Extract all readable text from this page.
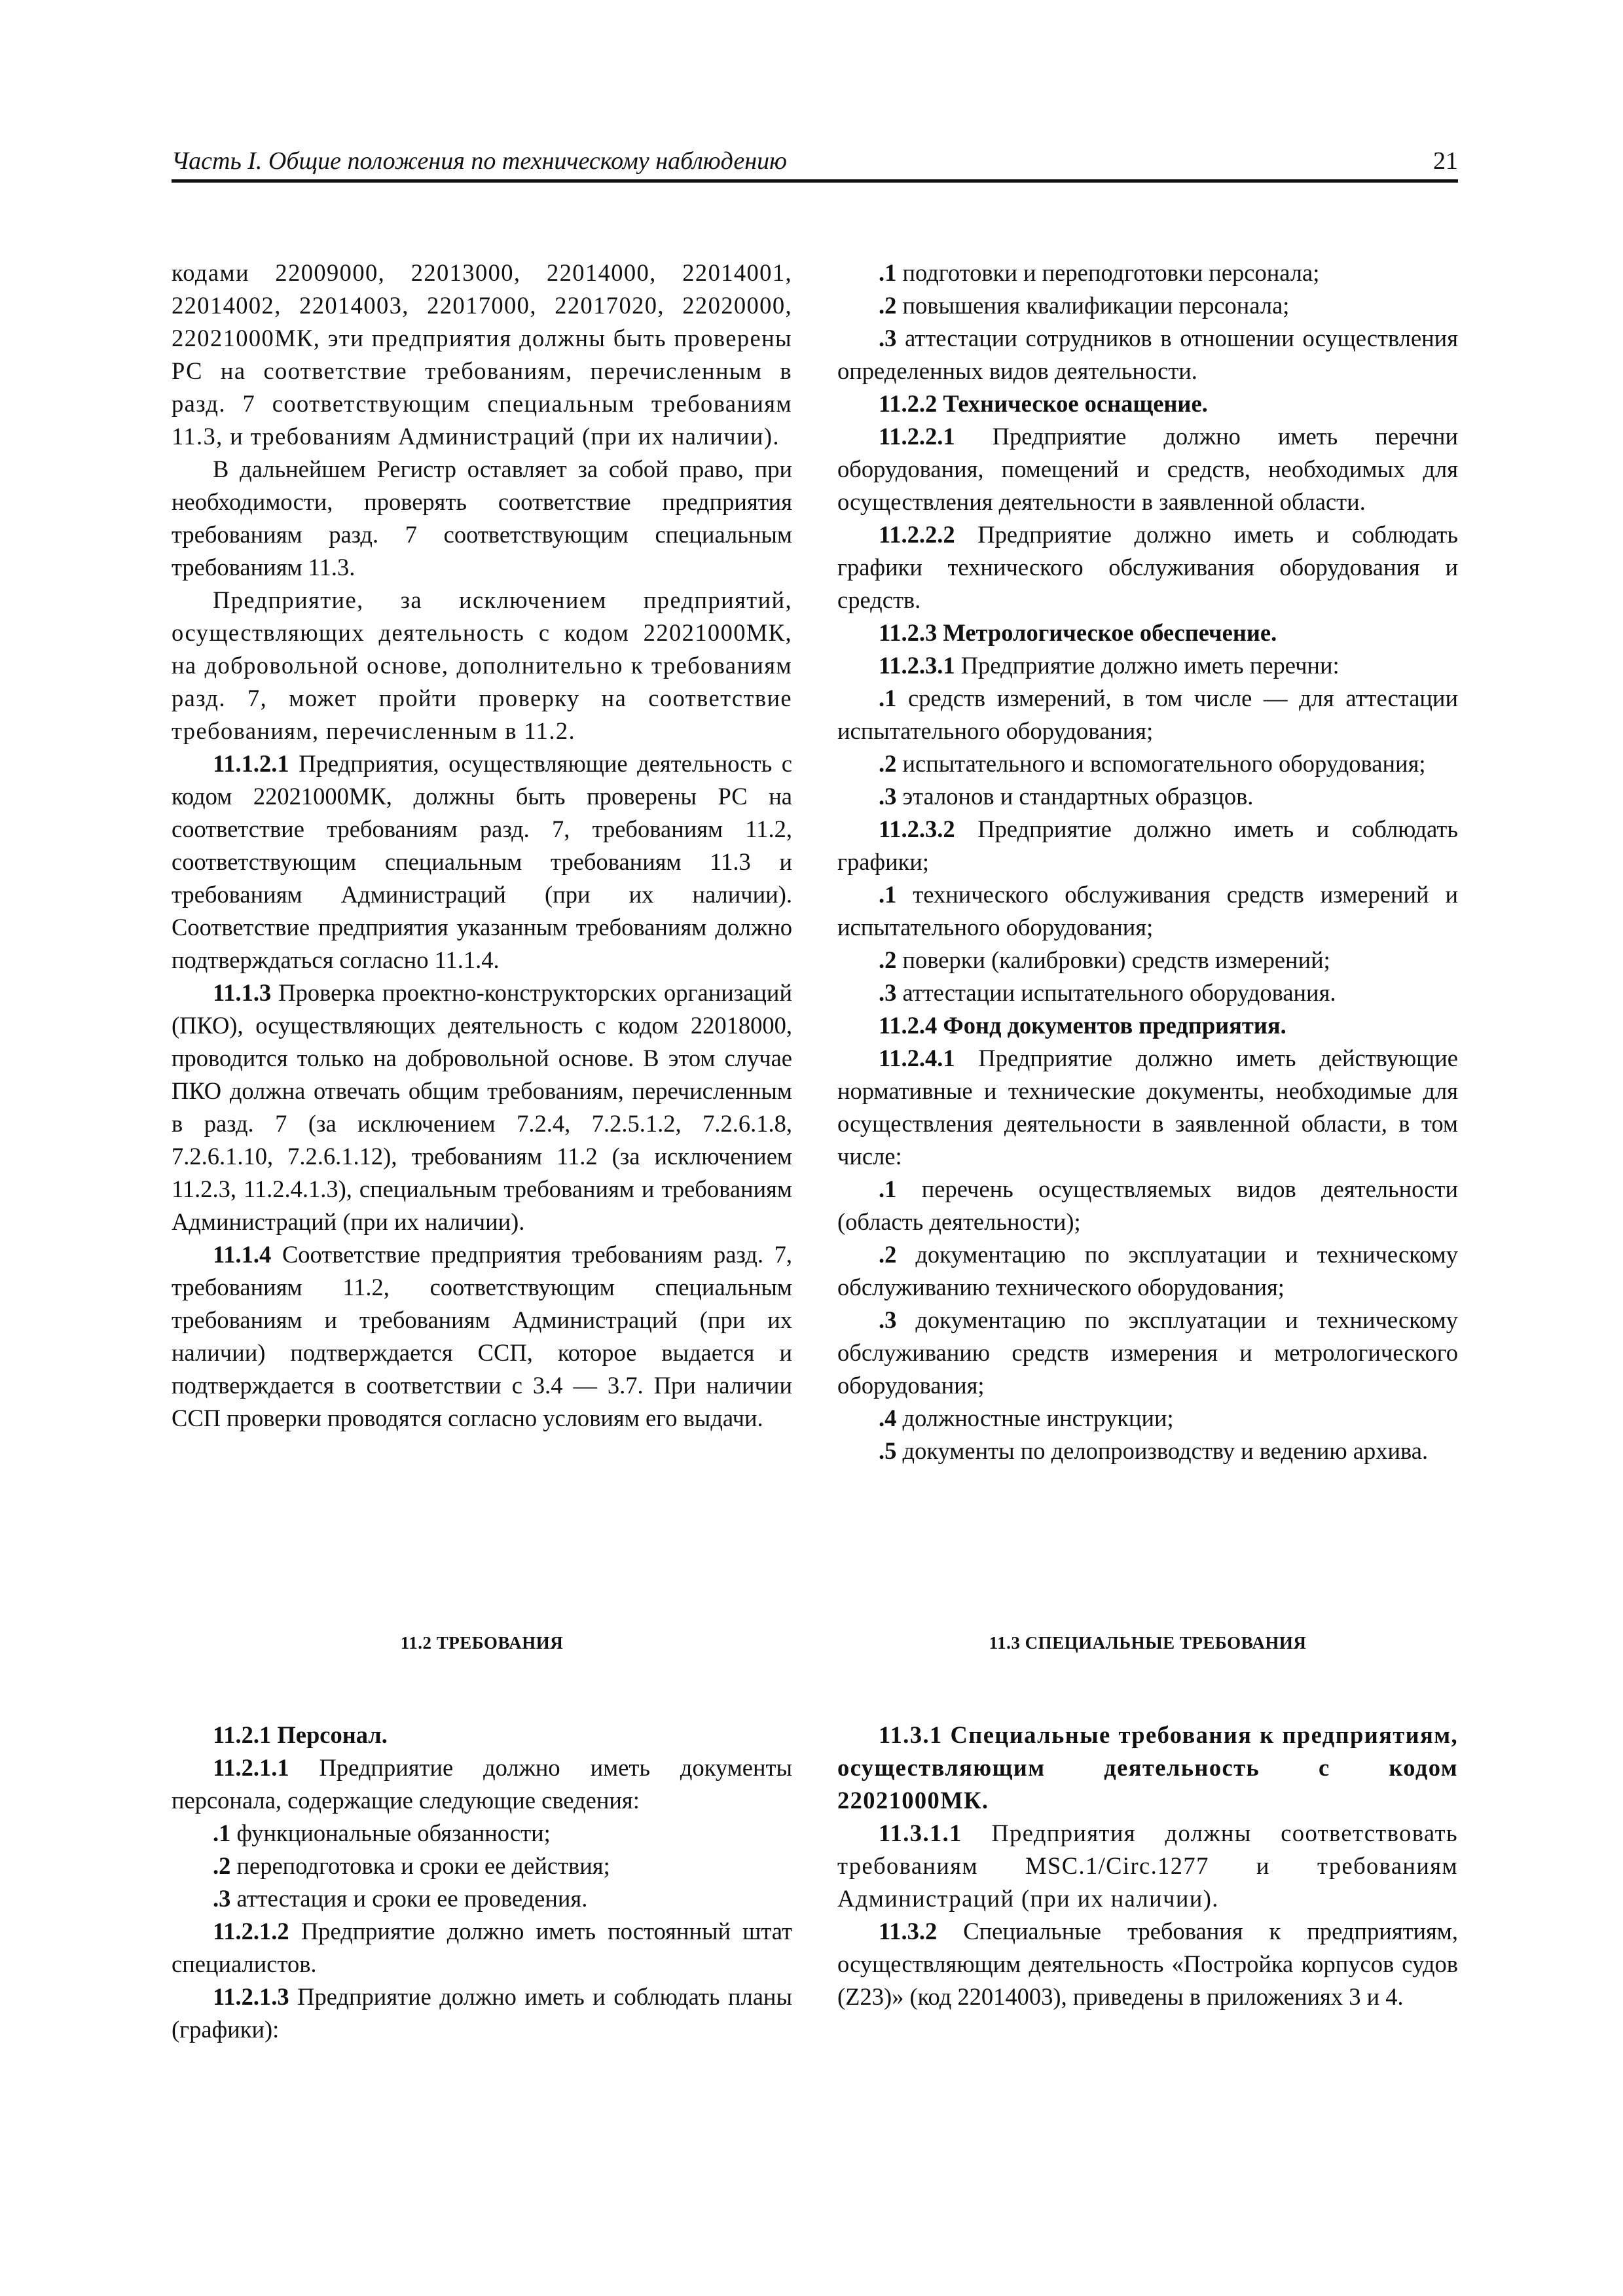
Часть I. Общие положения по техническому наблюдению	21

кодами 22009000, 22013000, 22014000, 22014001, 22014002, 22014003, 22017000, 22017020, 22020000, 22021000МК, эти предприятия должны быть проверены РС на соответствие требованиям, перечисленным в разд. 7 соответствующим специальным требованиям 11.3, и требованиям Администраций (при их наличии).

В дальнейшем Регистр оставляет за собой право, при необходимости, проверять соответствие предприятия требованиям разд. 7 соответствующим специальным требованиям 11.3.

Предприятие, за исключением предприятий, осуществляющих деятельность с кодом 22021000МК, на добровольной основе, дополнительно к требованиям разд. 7, может пройти проверку на соответствие требованиям, перечисленным в 11.2.

11.1.2.1 Предприятия, осуществляющие деятельность с кодом 22021000МК, должны быть проверены РС на соответствие требованиям разд. 7, требованиям 11.2, соответствующим специальным требованиям 11.3 и требованиям Администраций (при их наличии). Соответствие предприятия указанным требованиям должно подтверждаться согласно 11.1.4.

11.1.3 Проверка проектно-конструкторских организаций (ПКО), осуществляющих деятельность с кодом 22018000, проводится только на добровольной основе. В этом случае ПКО должна отвечать общим требованиям, перечисленным в разд. 7 (за исключением 7.2.4, 7.2.5.1.2, 7.2.6.1.8, 7.2.6.1.10, 7.2.6.1.12), требованиям 11.2 (за исключением 11.2.3, 11.2.4.1.3), специальным требованиям и требованиям Администраций (при их наличии).

11.1.4 Соответствие предприятия требованиям разд. 7, требованиям 11.2, соответствующим специальным требованиям и требованиям Администраций (при их наличии) подтверждается ССП, которое выдается и подтверждается в соответствии с 3.4 — 3.7. При наличии ССП проверки проводятся согласно условиям его выдачи.

.1 подготовки и переподготовки персонала;

.2 повышения квалификации персонала;

.3 аттестации сотрудников в отношении осуществления определенных видов деятельности.

11.2.2 Техническое оснащение.

11.2.2.1 Предприятие должно иметь перечни оборудования, помещений и средств, необходимых для осуществления деятельности в заявленной области.

11.2.2.2 Предприятие должно иметь и соблюдать графики технического обслуживания оборудования и средств.

11.2.3 Метрологическое обеспечение.

11.2.3.1 Предприятие должно иметь перечни:

.1 средств измерений, в том числе — для аттестации испытательного оборудования;

.2 испытательного и вспомогательного оборудования;

.3 эталонов и стандартных образцов.

11.2.3.2 Предприятие должно иметь и соблюдать графики;

.1 технического обслуживания средств измерений и испытательного оборудования;

.2 поверки (калибровки) средств измерений;

.3 аттестации испытательного оборудования.

11.2.4 Фонд документов предприятия.

11.2.4.1 Предприятие должно иметь действующие нормативные и технические документы, необходимые для осуществления деятельности в заявленной области, в том числе:

.1 перечень осуществляемых видов деятельности (область деятельности);

.2 документацию по эксплуатации и техническому обслуживанию технического оборудования;

.3 документацию по эксплуатации и техническому обслуживанию средств измерения и метрологического оборудования;

.4 должностные инструкции;

.5 документы по делопроизводству и ведению архива.

11.2 ТРЕБОВАНИЯ	11.3 СПЕЦИАЛЬНЫЕ ТРЕБОВАНИЯ

11.2.1 Персонал.

11.2.1.1 Предприятие должно иметь документы персонала, содержащие следующие сведения:

.1 функциональные обязанности;

.2 переподготовка и сроки ее действия;

.3 аттестация и сроки ее проведения.

11.2.1.2 Предприятие должно иметь постоянный штат специалистов.

11.2.1.3 Предприятие должно иметь и соблюдать планы (графики):

11.3.1 Специальные требования к предприятиям, осуществляющим деятельность с кодом 22021000МК.

11.3.1.1 Предприятия должны соответствовать требованиям MSC.1/Circ.1277 и требованиям Администраций (при их наличии).

11.3.2 Специальные требования к предприятиям, осуществляющим деятельность «Постройка корпусов судов (Z23)» (код 22014003), приведены в приложениях 3 и 4.
